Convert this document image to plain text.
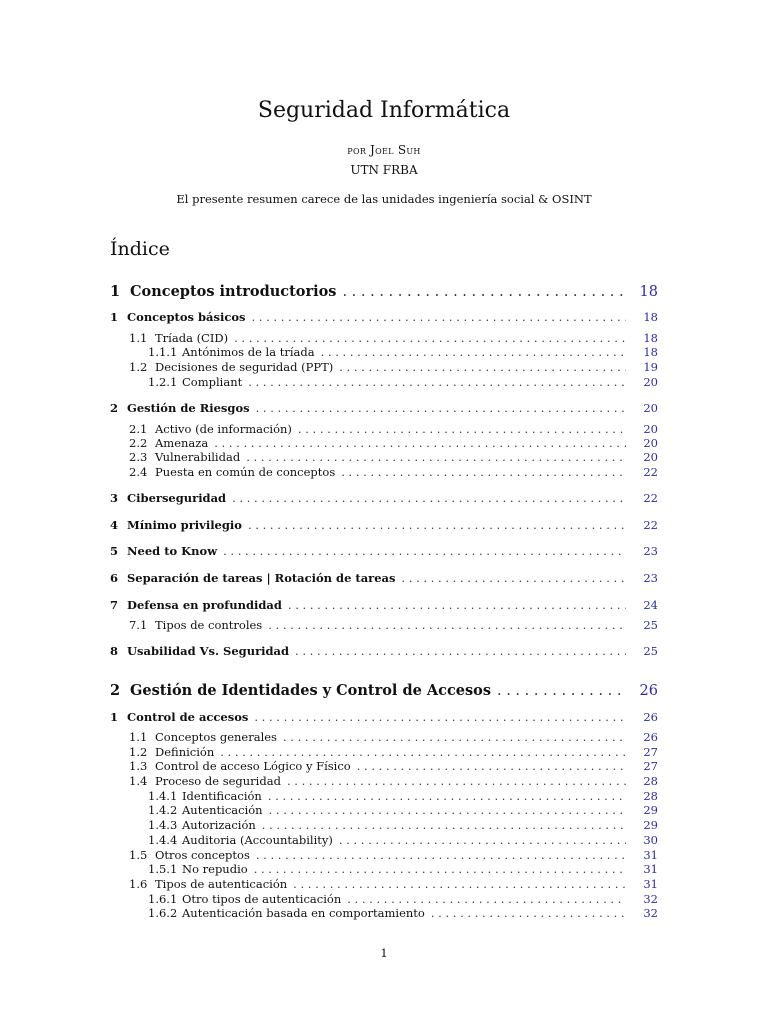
Seguridad Informática
por Joel Suh
UTN FRBA
El presente resumen carece de las unidades ingeniería social & OSINT
Índice
1 Conceptos introductorios . . .	18
1 Conceptos básicos . . .	18
1.1 Tríada (CID) . . .	18
1.1.1 Antónimos de la tríada . . .	18
1.2 Decisiones de seguridad (PPT) . . .	19
1.2.1 Compliant . . .	20
2 Gestión de Riesgos . . .	20
2.1 Activo (de información) . . .	20
2.2 Amenaza . . .	20
2.3 Vulnerabilidad . . .	20
2.4 Puesta en común de conceptos . . .	22
3 Ciberseguridad . . .	22
4 Mínimo privilegio . . .	22
5 Need to Know . . .	23
6 Separación de tareas | Rotación de tareas . . .	23
7 Defensa en profundidad . . .	24
7.1 Tipos de controles . . .	25
8 Usabilidad Vs. Seguridad . . .	25
2 Gestión de Identidades y Control de Accesos . . .	26
1 Control de accesos . . .	26
1.1 Conceptos generales . . .	26
1.2 Definición . . .	27
1.3 Control de acceso Lógico y Físico . . .	27
1.4 Proceso de seguridad . . .	28
1.4.1 Identificación . . .	28
1.4.2 Autenticación . . .	29
1.4.3 Autorización . . .	29
1.4.4 Auditoria (Accountability) . . .	30
1.5 Otros conceptos . . .	31
1.5.1 No repudio . . .	31
1.6 Tipos de autenticación . . .	31
1.6.1 Otro tipos de autenticación . . .	32
1.6.2 Autenticación basada en comportamiento . . .	32
1
